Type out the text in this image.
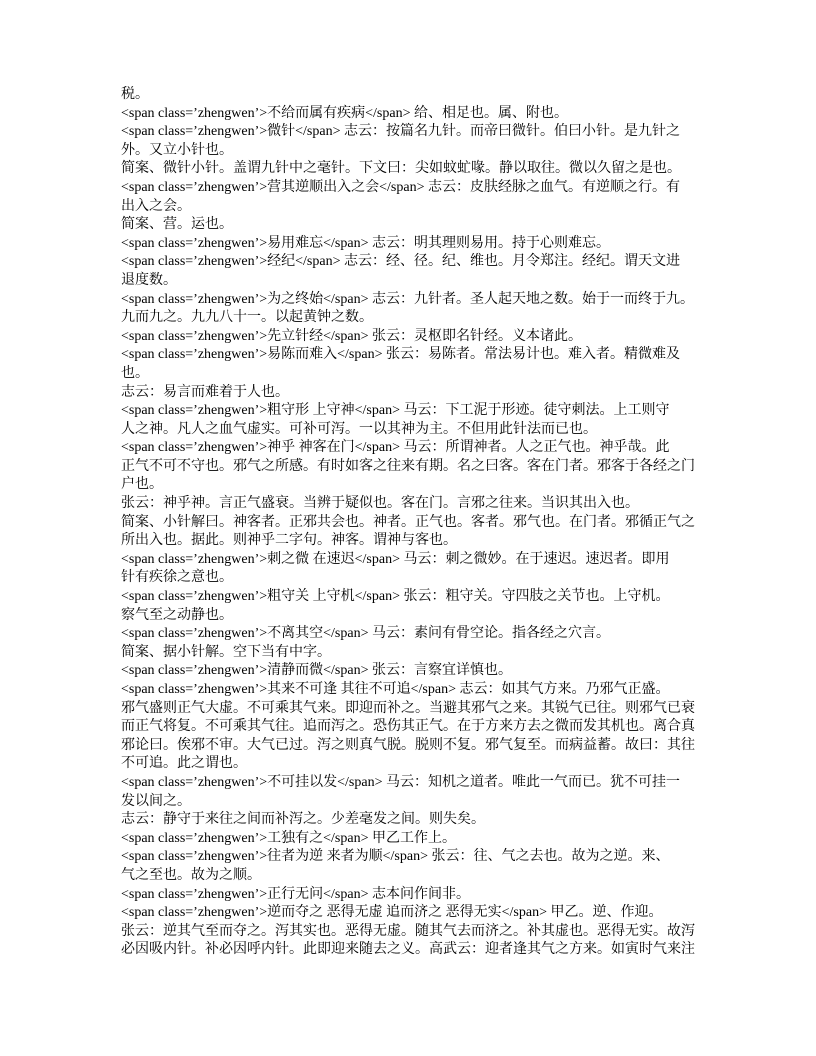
税。
<span class=’zhengwen’>不给而属有疾病</span> 给、相足也。属、附也。
<span class=’zhengwen’>微针</span> 志云：按篇名九针。而帝曰微针。伯曰小针。是九针之
外。又立小针也。
简案、微针小针。盖谓九针中之毫针。下文曰：尖如蚊虻喙。静以取往。微以久留之是也。
<span class=’zhengwen’>营其逆顺出入之会</span> 志云：皮肤经脉之血气。有逆顺之行。有
出入之会。
简案、营。运也。
<span class=’zhengwen’>易用难忘</span> 志云：明其理则易用。持于心则难忘。
<span class=’zhengwen’>经纪</span> 志云：经、径。纪、维也。月令郑注。经纪。谓天文进
退度数。
<span class=’zhengwen’>为之终始</span> 志云：九针者。圣人起天地之数。始于一而终于九。
九而九之。九九八十一。以起黄钟之数。
<span class=’zhengwen’>先立针经</span> 张云：灵枢即名针经。义本诸此。
<span class=’zhengwen’>易陈而难入</span> 张云：易陈者。常法易计也。难入者。精微难及
也。
志云：易言而难着于人也。
<span class=’zhengwen’>粗守形 上守神</span> 马云：下工泥于形迹。徒守刺法。上工则守
人之神。凡人之血气虚实。可补可泻。一以其神为主。不但用此针法而已也。
<span class=’zhengwen’>神乎 神客在门</span> 马云：所谓神者。人之正气也。神乎哉。此
正气不可不守也。邪气之所感。有时如客之往来有期。名之曰客。客在门者。邪客于各经之门
户也。
张云：神乎神。言正气盛衰。当辨于疑似也。客在门。言邪之往来。当识其出入也。
简案、小针解曰。神客者。正邪共会也。神者。正气也。客者。邪气也。在门者。邪循正气之
所出入也。据此。则神乎二字句。神客。谓神与客也。
<span class=’zhengwen’>刺之微 在速迟</span> 马云：刺之微妙。在于速迟。速迟者。即用
针有疾徐之意也。
<span class=’zhengwen’>粗守关 上守机</span> 张云：粗守关。守四肢之关节也。上守机。
察气至之动静也。
<span class=’zhengwen’>不离其空</span> 马云：素问有骨空论。指各经之穴言。
简案、据小针解。空下当有中字。
<span class=’zhengwen’>清静而微</span> 张云：言察宜详慎也。
<span class=’zhengwen’>其来不可逢 其往不可追</span> 志云：如其气方来。乃邪气正盛。
邪气盛则正气大虚。不可乘其气来。即迎而补之。当避其邪气之来。其锐气已往。则邪气已衰
而正气将复。不可乘其气往。追而泻之。恐伤其正气。在于方来方去之微而发其机也。离合真
邪论曰。俟邪不审。大气已过。泻之则真气脱。脱则不复。邪气复至。而病益蓄。故曰：其往
不可追。此之谓也。
<span class=’zhengwen’>不可挂以发</span> 马云：知机之道者。唯此一气而已。犹不可挂一
发以间之。
志云：静守于来往之间而补泻之。少差毫发之间。则失矣。
<span class=’zhengwen’>工独有之</span> 甲乙工作上。
<span class=’zhengwen’>往者为逆 来者为顺</span> 张云：往、气之去也。故为之逆。来、
气之至也。故为之顺。
<span class=’zhengwen’>正行无问</span> 志本问作间非。
<span class=’zhengwen’>逆而夺之 恶得无虚 追而济之 恶得无实</span> 甲乙。逆、作迎。
张云：逆其气至而夺之。泻其实也。恶得无虚。随其气去而济之。补其虚也。恶得无实。故泻
必因吸内针。补必因呼内针。此即迎来随去之义。高武云：迎者逢其气之方来。如寅时气来注
